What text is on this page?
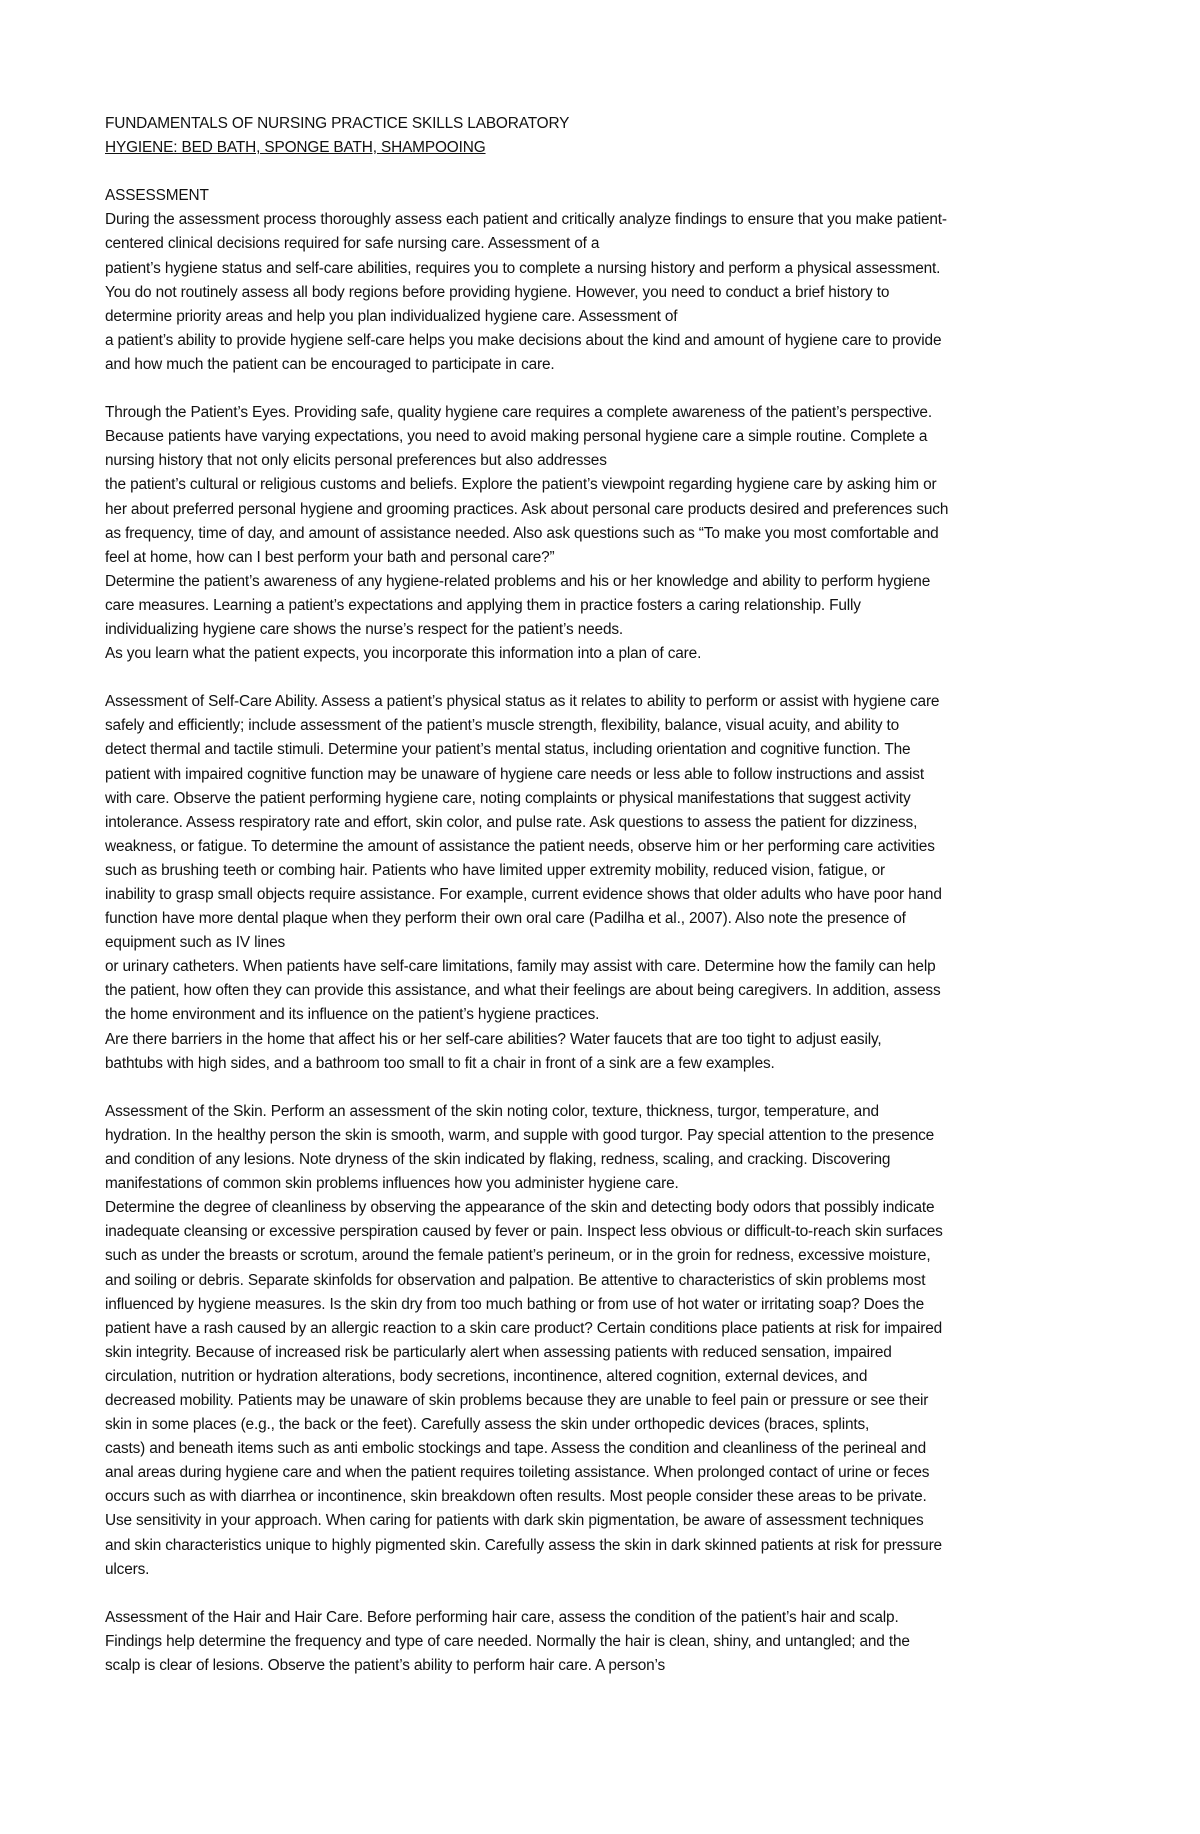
FUNDAMENTALS OF NURSING PRACTICE SKILLS LABORATORY
HYGIENE: BED BATH, SPONGE BATH, SHAMPOOING
ASSESSMENT
During the assessment process thoroughly assess each patient and critically analyze findings to ensure that you make patient-
centered clinical decisions required for safe nursing care. Assessment of a
patient’s hygiene status and self-care abilities, requires you to complete a nursing history and perform a physical assessment.
You do not routinely assess all body regions before providing hygiene. However, you need to conduct a brief history to
determine priority areas and help you plan individualized hygiene care. Assessment of
a patient’s ability to provide hygiene self-care helps you make decisions about the kind and amount of hygiene care to provide
and how much the patient can be encouraged to participate in care.
Through the Patient’s Eyes. Providing safe, quality hygiene care requires a complete awareness of the patient’s perspective.
Because patients have varying expectations, you need to avoid making personal hygiene care a simple routine. Complete a
nursing history that not only elicits personal preferences but also addresses
the patient’s cultural or religious customs and beliefs. Explore the patient’s viewpoint regarding hygiene care by asking him or
her about preferred personal hygiene and grooming practices. Ask about personal care products desired and preferences such
as frequency, time of day, and amount of assistance needed. Also ask questions such as “To make you most comfortable and
feel at home, how can I best perform your bath and personal care?”
Determine the patient’s awareness of any hygiene-related problems and his or her knowledge and ability to perform hygiene
care measures. Learning a patient’s expectations and applying them in practice fosters a caring relationship. Fully
individualizing hygiene care shows the nurse’s respect for the patient’s needs.
As you learn what the patient expects, you incorporate this information into a plan of care.
Assessment of Self-Care Ability. Assess a patient’s physical status as it relates to ability to perform or assist with hygiene care
safely and efficiently; include assessment of the patient’s muscle strength, flexibility, balance, visual acuity, and ability to
detect thermal and tactile stimuli. Determine your patient’s mental status, including orientation and cognitive function. The
patient with impaired cognitive function may be unaware of hygiene care needs or less able to follow instructions and assist
with care. Observe the patient performing hygiene care, noting complaints or physical manifestations that suggest activity
intolerance. Assess respiratory rate and effort, skin color, and pulse rate. Ask questions to assess the patient for dizziness,
weakness, or fatigue. To determine the amount of assistance the patient needs, observe him or her performing care activities
such as brushing teeth or combing hair. Patients who have limited upper extremity mobility, reduced vision, fatigue, or
inability to grasp small objects require assistance. For example, current evidence shows that older adults who have poor hand
function have more dental plaque when they perform their own oral care (Padilha et al., 2007). Also note the presence of
equipment such as IV lines
or urinary catheters. When patients have self-care limitations, family may assist with care. Determine how the family can help
the patient, how often they can provide this assistance, and what their feelings are about being caregivers. In addition, assess
the home environment and its influence on the patient’s hygiene practices.
Are there barriers in the home that affect his or her self-care abilities? Water faucets that are too tight to adjust easily,
bathtubs with high sides, and a bathroom too small to fit a chair in front of a sink are a few examples.
Assessment of the Skin. Perform an assessment of the skin noting color, texture, thickness, turgor, temperature, and
hydration. In the healthy person the skin is smooth, warm, and supple with good turgor. Pay special attention to the presence
and condition of any lesions. Note dryness of the skin indicated by flaking, redness, scaling, and cracking. Discovering
manifestations of common skin problems influences how you administer hygiene care.
Determine the degree of cleanliness by observing the appearance of the skin and detecting body odors that possibly indicate
inadequate cleansing or excessive perspiration caused by fever or pain. Inspect less obvious or difficult-to-reach skin surfaces
such as under the breasts or scrotum, around the female patient’s perineum, or in the groin for redness, excessive moisture,
and soiling or debris. Separate skinfolds for observation and palpation. Be attentive to characteristics of skin problems most
influenced by hygiene measures. Is the skin dry from too much bathing or from use of hot water or irritating soap? Does the
patient have a rash caused by an allergic reaction to a skin care product? Certain conditions place patients at risk for impaired
skin integrity. Because of increased risk be particularly alert when assessing patients with reduced sensation, impaired
circulation, nutrition or hydration alterations, body secretions, incontinence, altered cognition, external devices, and
decreased mobility. Patients may be unaware of skin problems because they are unable to feel pain or pressure or see their
skin in some places (e.g., the back or the feet). Carefully assess the skin under orthopedic devices (braces, splints,
casts) and beneath items such as anti embolic stockings and tape. Assess the condition and cleanliness of the perineal and
anal areas during hygiene care and when the patient requires toileting assistance. When prolonged contact of urine or feces
occurs such as with diarrhea or incontinence, skin breakdown often results. Most people consider these areas to be private.
Use sensitivity in your approach. When caring for patients with dark skin pigmentation, be aware of assessment techniques
and skin characteristics unique to highly pigmented skin. Carefully assess the skin in dark skinned patients at risk for pressure
ulcers.
Assessment of the Hair and Hair Care. Before performing hair care, assess the condition of the patient’s hair and scalp.
Findings help determine the frequency and type of care needed. Normally the hair is clean, shiny, and untangled; and the
scalp is clear of lesions. Observe the patient’s ability to perform hair care. A person’s
